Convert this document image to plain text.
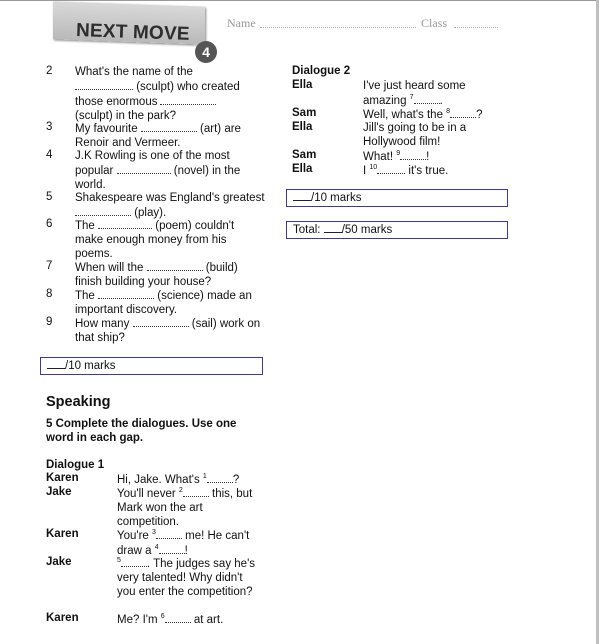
NEXT MOVE
4
Name	Class
2	What's the name of the
(sculpt) who created those enormous
(sculpt) in the park?
3	My favourite	(art) are Renoir and Vermeer.
4	J.K Rowling is one of the most popular	(novel) in the world.
5	Shakespeare was England's greatest  (play).
6	The	(poem) couldn't make enough money from his poems.
7	When will the	(build) finish building your house?
8	The	(science) made an important discovery.
9	How many	(sail) work on that ship?
/10 marks
Speaking
5 Complete the dialogues. Use one word in each gap.
Dialogue 1
Karen	Hi, Jake. What's $^1$ ?
Jake	You'll never $^2$	this, but Mark won the art competition.
Karen	You're $^3$	me! He can't draw a $^4$ !
Jake	$^5$ . The judges say he's very talented! Why didn't you enter the competition?
Karen	Me? I'm $^6$	at art.
Dialogue 2
Ella	I've just heard some amazing $^7$ .
Sam	Well, what's the $^8$ ?
Ella	Jill's going to be in a Hollywood film!
Sam	What! $^9$ !
Ella	I $^{10}$	it's true.
/10 marks
Total: /50 marks
